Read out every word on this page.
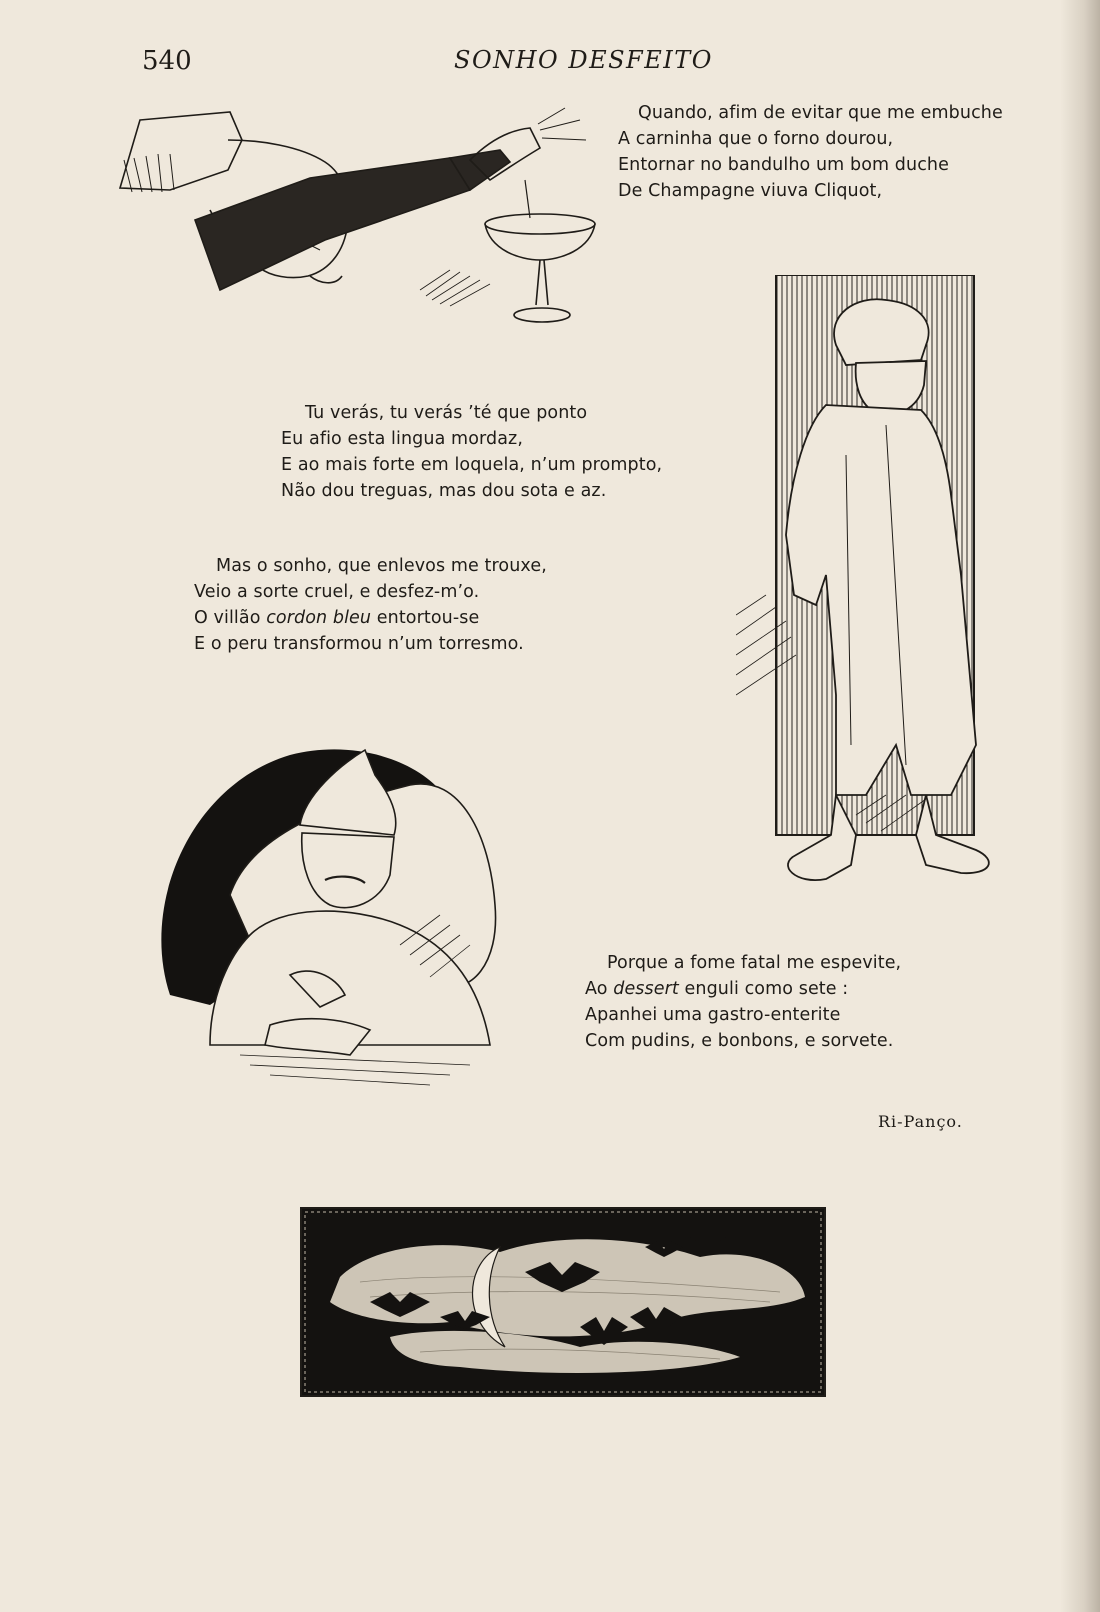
540	SONHO DESFEITO
Quando, afim de evitar que me embuche
A carninha que o forno dourou,
Entornar no bandulho um bom duche
De Champagne viuva Cliquot,
Tu verás, tu verás ’té que ponto
Eu afio esta lingua mordaz,
E ao mais forte em loquela, n’um prompto,
Não dou treguas, mas dou sota e az.
Mas o sonho, que enlevos me trouxe,
Veio a sorte cruel, e desfez-m’o.
O villão cordon bleu entortou-se
E o peru transformou n’um torresmo.
Porque a fome fatal me espevite,
Ao dessert enguli como sete :
Apanhei uma gastro-enterite
Com pudins, e bonbons, e sorvete.
Ri-Panço.
